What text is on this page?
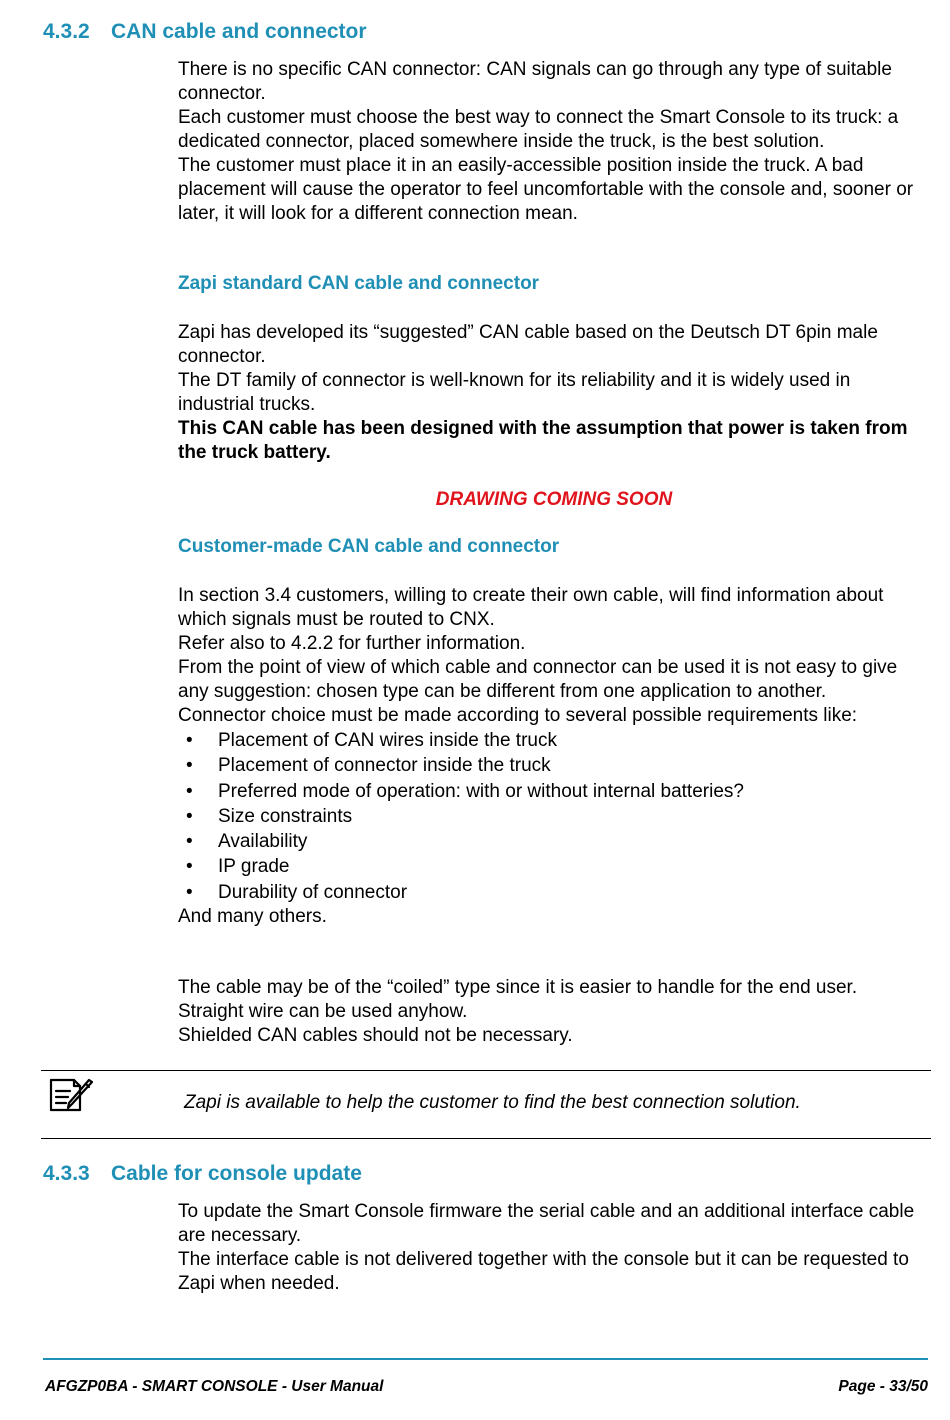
4.3.2 CAN cable and connector

There is no specific CAN connector: CAN signals can go through any type of suitable connector.

Each customer must choose the best way to connect the Smart Console to its truck: a dedicated connector, placed somewhere inside the truck, is the best solution.

The customer must place it in an easily-accessible position inside the truck. A bad placement will cause the operator to feel uncomfortable with the console and, sooner or later, it will look for a different connection mean.

Zapi standard CAN cable and connector

Zapi has developed its “suggested” CAN cable based on the Deutsch DT 6pin male connector.

The DT family of connector is well-known for its reliability and it is widely used in industrial trucks.

This CAN cable has been designed with the assumption that power is taken from the truck battery.

DRAWING COMING SOON

Customer-made CAN cable and connector

In section 3.4 customers, willing to create their own cable, will find information about which signals must be routed to CNX.

Refer also to 4.2.2 for further information.

From the point of view of which cable and connector can be used it is not easy to give any suggestion: chosen type can be different from one application to another.

Connector choice must be made according to several possible requirements like:

• Placement of CAN wires inside the truck
• Placement of connector inside the truck
• Preferred mode of operation: with or without internal batteries?
• Size constraints
• Availability
• IP grade
• Durability of connector

And many others.

The cable may be of the “coiled” type since it is easier to handle for the end user.

Straight wire can be used anyhow.

Shielded CAN cables should not be necessary.

Zapi is available to help the customer to find the best connection solution.

4.3.3 Cable for console update

To update the Smart Console firmware the serial cable and an additional interface cable are necessary.

The interface cable is not delivered together with the console but it can be requested to Zapi when needed.

AFGZP0BA - SMART CONSOLE - User Manual	Page - 33/50
